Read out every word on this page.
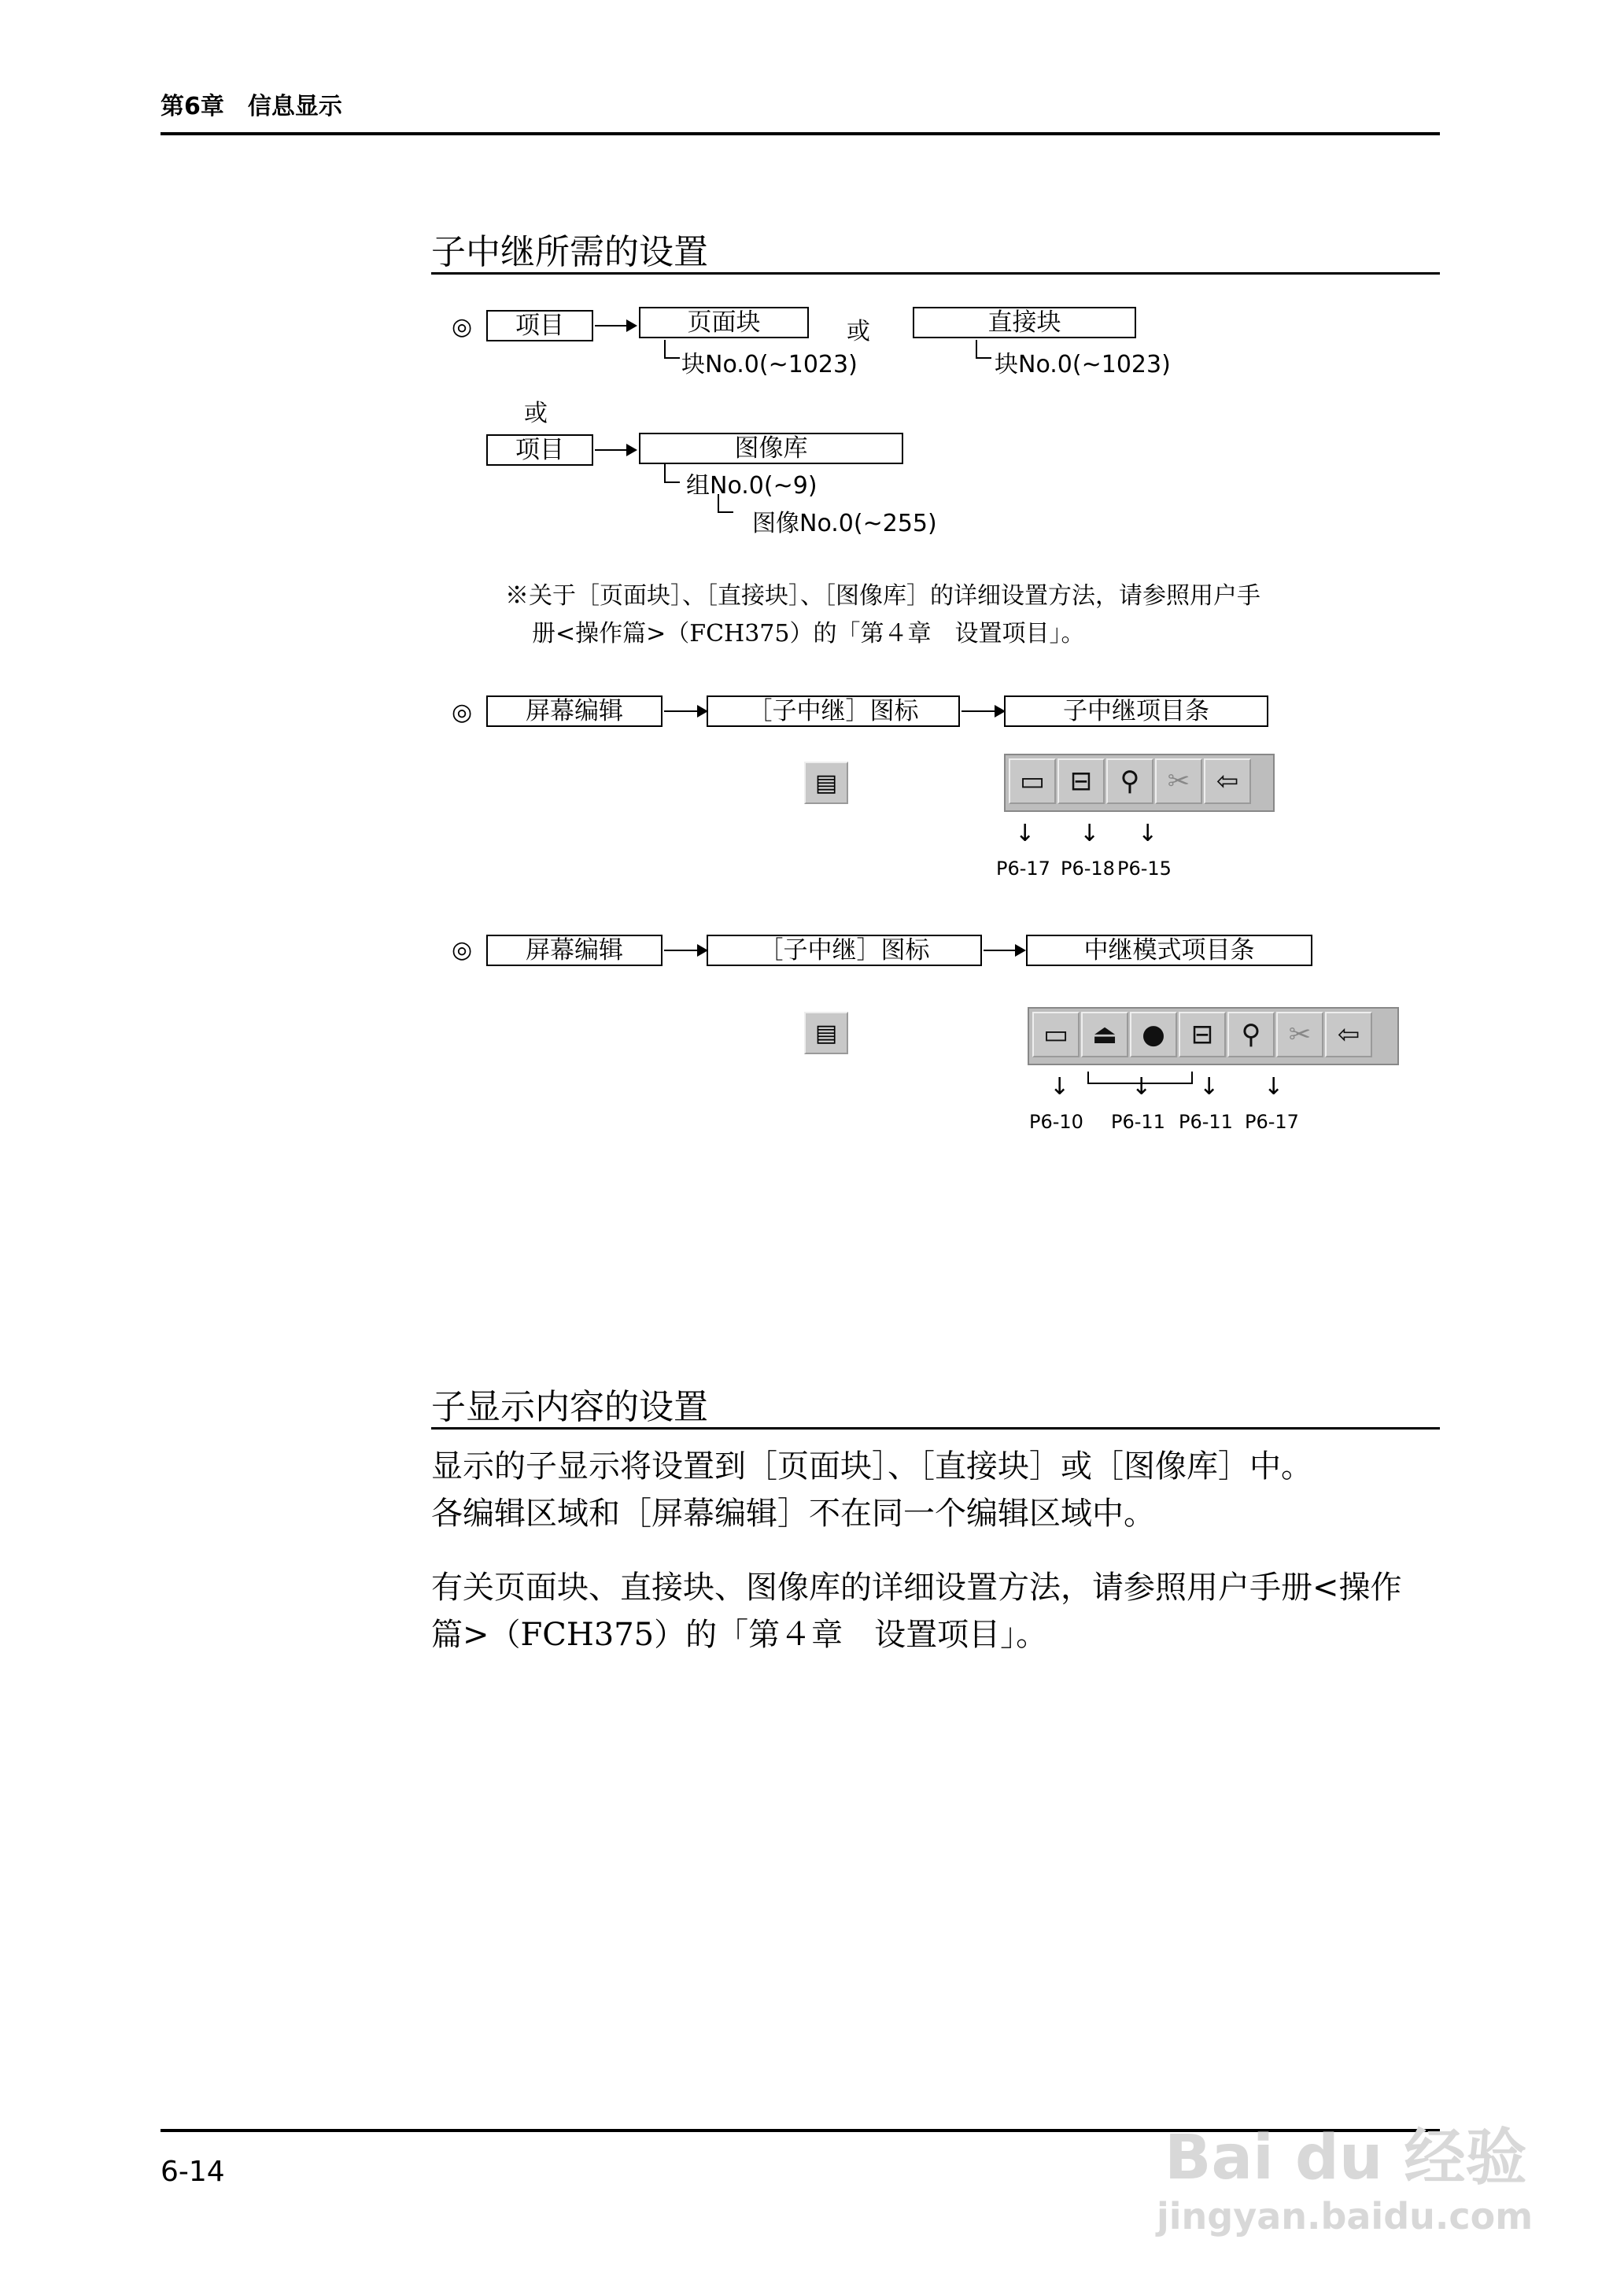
第6章　信息显示
子中继所需的设置
◎	项目	页面块	或	直接块
块No.0(~1023)	块No.0(~1023)
或
项目	图像库
组No.0(~9)
图像No.0(~255)
※关于［页面块］、［直接块］、［图像库］的详细设置方法，请参照用户手
册<操作篇>（FCH375）的「第４章　设置项目」。
◎	屏幕编辑	［子中继］图标	子中继项目条
▤	▭ ⊟	⚲	✂ ⇦
↓ ↓ ↓
P6-17 P6-18 P6-15
◎	屏幕编辑	［子中继］图标	中继模式项目条
▤	▭ ⏏ ● ⊟	⚲	✂ ⇦
↓	↓ ↓ ↓
P6-10 P6-11 P6-11 P6-17
子显示内容的设置
显示的子显示将设置到［页面块］、［直接块］或［图像库］中。
各编辑区域和［屏幕编辑］不在同一个编辑区域中。
有关页面块、直接块、图像库的详细设置方法，请参照用户手册<操作
篇>（FCH375）的「第４章　设置项目」。
6-14	Bai du 经验
jingyan.baidu.com
